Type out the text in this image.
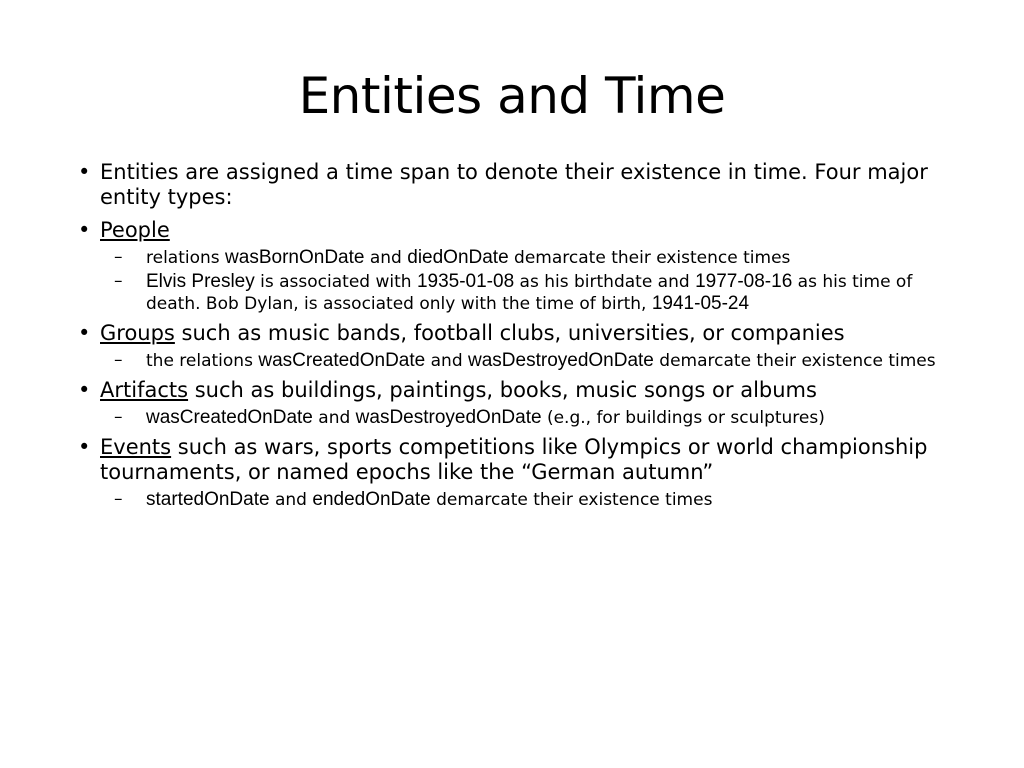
Entities and Time
• Entities are assigned a time span to denote their existence in time. Four major entity types:
• People
– relations wasBornOnDate and diedOnDate demarcate their existence times
– Elvis Presley is associated with 1935-01-08 as his birthdate and 1977-08-16 as his time of death. Bob Dylan, is associated only with the time of birth, 1941-05-24
• Groups such as music bands, football clubs, universities, or companies
– the relations wasCreatedOnDate and wasDestroyedOnDate demarcate their existence times
• Artifacts such as buildings, paintings, books, music songs or albums
– wasCreatedOnDate and wasDestroyedOnDate (e.g., for buildings or sculptures)
• Events such as wars, sports competitions like Olympics or world championship tournaments, or named epochs like the “German autumn”
– startedOnDate and endedOnDate demarcate their existence times
